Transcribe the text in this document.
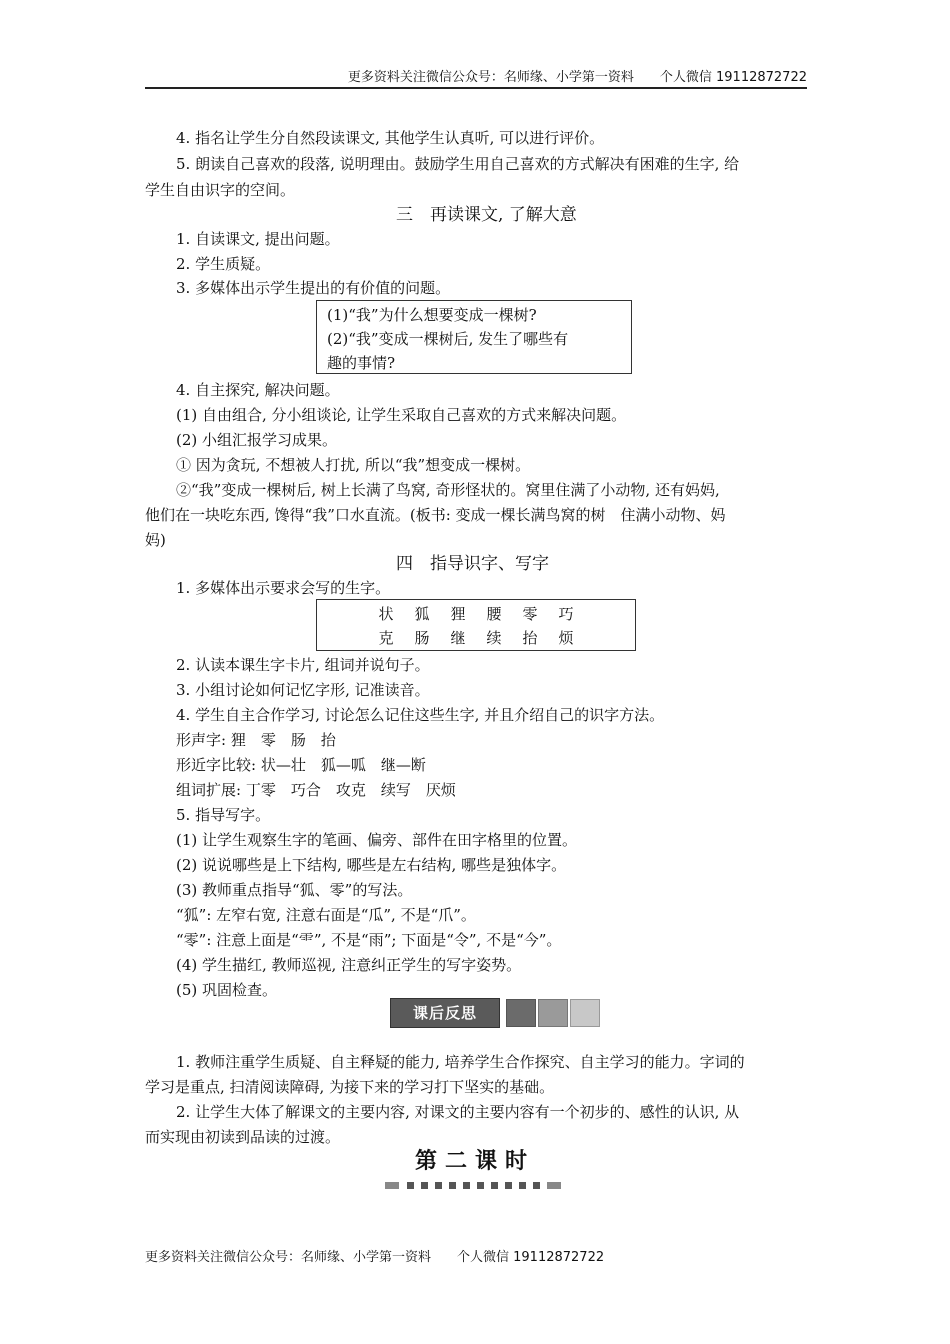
更多资料关注微信公众号：名师缘、小学第一资料　　个人微信 19112872722
4. 指名让学生分自然段读课文, 其他学生认真听, 可以进行评价。
5. 朗读自己喜欢的段落, 说明理由。鼓励学生用自己喜欢的方式解决有困难的生字, 给
学生自由识字的空间。
三　再读课文, 了解大意
1. 自读课文, 提出问题。
2. 学生质疑。
3. 多媒体出示学生提出的有价值的问题。
(1)“我”为什么想要变成一棵树?
(2)“我”变成一棵树后, 发生了哪些有
趣的事情?
4. 自主探究, 解决问题。
(1) 自由组合, 分小组谈论, 让学生采取自己喜欢的方式来解决问题。
(2) 小组汇报学习成果。
① 因为贪玩, 不想被人打扰, 所以“我”想变成一棵树。
②“我”变成一棵树后, 树上长满了鸟窝, 奇形怪状的。窝里住满了小动物, 还有妈妈,
他们在一块吃东西, 馋得“我”口水直流。(板书: 变成一棵长满鸟窝的树　住满小动物、妈
妈)
四　指导识字、写字
1. 多媒体出示要求会写的生字。
状 狐 狸 腰 零 巧
克 肠 继 续 抬 烦
2. 认读本课生字卡片, 组词并说句子。
3. 小组讨论如何记忆字形, 记准读音。
4. 学生自主合作学习, 讨论怎么记住这些生字, 并且介绍自己的识字方法。
形声字: 狸　零　肠　抬
形近字比较: 状—壮　狐—呱　继—断
组词扩展: 丁零　巧合　攻克　续写　厌烦
5. 指导写字。
(1) 让学生观察生字的笔画、偏旁、部件在田字格里的位置。
(2) 说说哪些是上下结构, 哪些是左右结构, 哪些是独体字。
(3) 教师重点指导“狐、零”的写法。
“狐”: 左窄右宽, 注意右面是“瓜”, 不是“爪”。
“零”: 注意上面是“⻗”, 不是“雨”; 下面是“令”, 不是“今”。
(4) 学生描红, 教师巡视, 注意纠正学生的写字姿势。
(5) 巩固检查。
课后反思
1. 教师注重学生质疑、自主释疑的能力, 培养学生合作探究、自主学习的能力。字词的
学习是重点, 扫清阅读障碍, 为接下来的学习打下坚实的基础。
2. 让学生大体了解课文的主要内容, 对课文的主要内容有一个初步的、感性的认识, 从
而实现由初读到品读的过渡。
第二课时
更多资料关注微信公众号：名师缘、小学第一资料　　个人微信 19112872722
